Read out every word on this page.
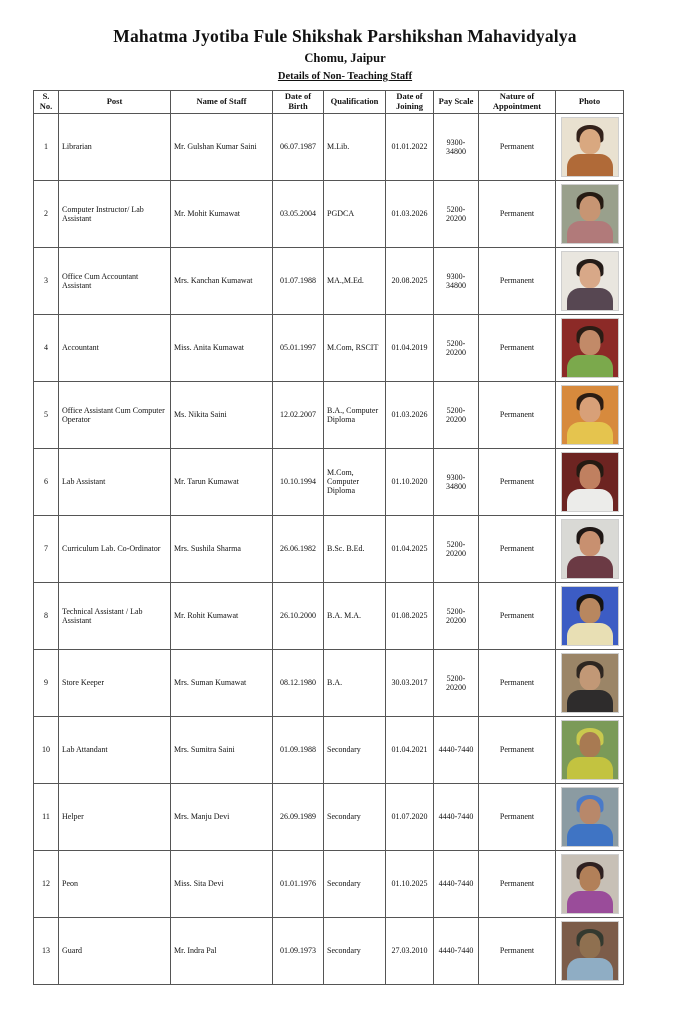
Mahatma Jyotiba Fule Shikshak Parshikshan Mahavidyalya
Chomu, Jaipur
Details of Non- Teaching Staff
S. No.	Post	Name of Staff	Date of Birth	Qualification	Date of Joining	Pay Scale	Nature of Appointment	Photo
1	Librarian	Mr. Gulshan Kumar Saini	06.07.1987	M.Lib.	01.01.2022	9300-34800	Permanent	

2	Computer Instructor/ Lab Assistant	Mr. Mohit Kumawat	03.05.2004	PGDCA	01.03.2026	5200-20200	Permanent	

3	Office Cum Accountant Assistant	Mrs. Kanchan Kumawat	01.07.1988	MA.,M.Ed.	20.08.2025	9300-34800	Permanent	

4	Accountant	Miss. Anita Kumawat	05.01.1997	M.Com, RSCIT	01.04.2019	5200-20200	Permanent	

5	Office Assistant Cum Computer Operator	Ms. Nikita Saini	12.02.2007	B.A., Computer Diploma	01.03.2026	5200-20200	Permanent	

6	Lab Assistant	Mr. Tarun Kumawat	10.10.1994	M.Com, Computer Diploma	01.10.2020	9300-34800	Permanent	

7	Curriculum Lab. Co-Ordinator	Mrs. Sushila Sharma	26.06.1982	B.Sc. B.Ed.	01.04.2025	5200-20200	Permanent	

8	Technical Assistant / Lab Assistant	Mr. Rohit Kumawat	26.10.2000	B.A. M.A.	01.08.2025	5200-20200	Permanent	

9	Store Keeper	Mrs. Suman Kumawat	08.12.1980	B.A.	30.03.2017	5200-20200	Permanent	

10	Lab Attandant	Mrs. Sumitra Saini	01.09.1988	Secondary	01.04.2021	4440-7440	Permanent	

11	Helper	Mrs. Manju Devi	26.09.1989	Secondary	01.07.2020	4440-7440	Permanent	

12	Peon	Miss. Sita Devi	01.01.1976	Secondary	01.10.2025	4440-7440	Permanent	

13	Guard	Mr. Indra Pal	01.09.1973	Secondary	27.03.2010	4440-7440	Permanent	
